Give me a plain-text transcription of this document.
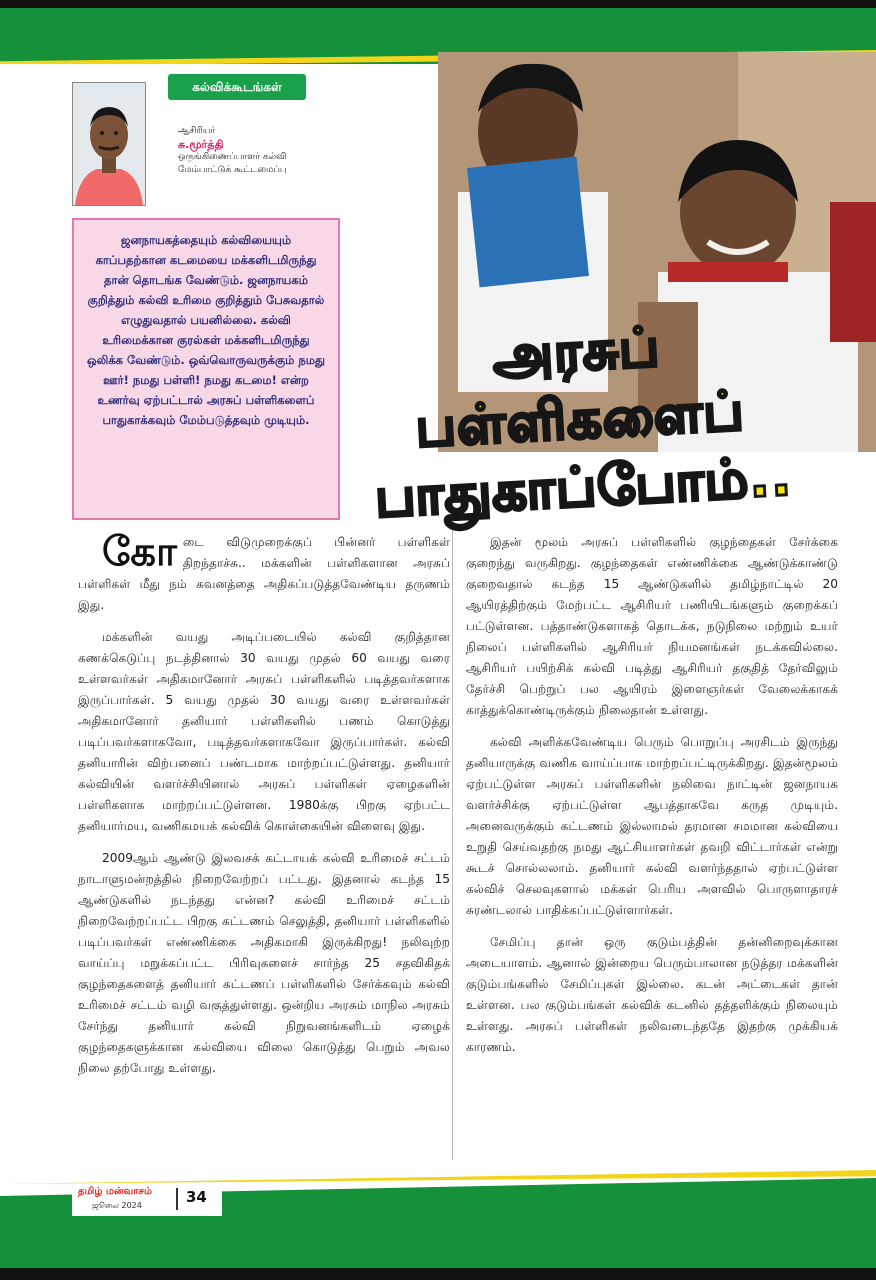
கல்விக்கூடங்கள்
ஆசிரியர்
சு.மூர்த்தி
ஒருங்கிணைப்பாளர் கல்வி மேம்பாட்டுக் கூட்டமைப்பு
ஜனநாயகத்தையும் கல்வியையும் காப்பதற்கான கடமையை மக்களிடமிருந்து தான் தொடங்க வேண்டும். ஜனநாயகம் குறித்தும் கல்வி உரிமை குறித்தும் பேசுவதால் எழுதுவதால் பயனில்லை. கல்வி உரிமைக்கான குரல்கள் மக்களிடமிருந்து ஒலிக்க வேண்டும். ஒவ்வொருவருக்கும் நமது ஊர்! நமது பள்ளி! நமது கடமை! என்ற உணர்வு ஏற்பட்டால் அரசுப் பள்ளிகளைப் பாதுகாக்கவும் மேம்படுத்தவும் முடியும்.
அரசுப் பள்ளிகளைப்
பாதுகாப்போம்..

கோடை விடுமுறைக்குப் பின்னர் பள்ளிகள் திறந்தாச்சு.. மக்களின் பள்ளிகளான அரசுப் பள்ளிகள் மீது நம் கவனத்தை அதிகப்படுத்தவேண்டிய தருணம் இது.

மக்களின் வயது அடிப்படையில் கல்வி குறித்தான கணக்கெடுப்பு நடத்தினால் 30 வயது முதல் 60 வயது வரை உள்ளவர்கள் அதிகமானோர் அரசுப் பள்ளிகளில் படித்தவர்களாக இருப்பார்கள். 5 வயது முதல் 30 வயது வரை உள்ளவர்கள் அதிகமானோர் தனியார் பள்ளிகளில் பணம் கொடுத்து படிப்பவர்களாகவோ, படித்தவர்களாகவோ இருப்பார்கள். கல்வி தனியாரின் விற்பனைப் பண்டமாக மாற்றப்பட்டுள்ளது. தனியார் கல்வியின் வளர்ச்சியினால் அரசுப் பள்ளிகள் ஏழைகளின் பள்ளிகளாக மாற்றப்பட்டுள்ளன. 1980க்கு பிறகு ஏற்பட்ட தனியார்மய, வணிகமயக் கல்விக் கொள்கையின் விளைவு இது.

2009ஆம் ஆண்டு இலவசக் கட்டாயக் கல்வி உரிமைச் சட்டம் நாடாளுமன்றத்தில் நிறைவேற்றப் பட்டது. இதனால் கடந்த 15 ஆண்டுகளில் நடந்தது என்ன? கல்வி உரிமைச் சட்டம் நிறைவேற்றப்பட்ட பிறகு கட்டணம் செலுத்தி, தனியார் பள்ளிகளில் படிப்பவர்கள் எண்ணிக்கை அதிகமாகி இருக்கிறது! நலிவுற்ற வாய்ப்பு மறுக்கப்பட்ட பிரிவுகளைச் சார்ந்த 25 சதவிகிதக் குழந்தைகளைத் தனியார் கட்டணப் பள்ளிகளில் சேர்க்கவும் கல்வி உரிமைச் சட்டம் வழி வகுத்துள்ளது. ஒன்றிய அரசும் மாநில அரசும் சேர்ந்து தனியார் கல்வி நிறுவனங்களிடம் ஏழைக் குழந்தைகளுக்கான கல்வியை விலை கொடுத்து பெறும் அவல நிலை தற்போது உள்ளது.

இதன் மூலம் அரசுப் பள்ளிகளில் குழந்தைகள் சேர்க்கை குறைந்து வருகிறது. குழந்தைகள் எண்ணிக்கை ஆண்டுக்காண்டு குறைவதால் கடந்த 15 ஆண்டுகளில் தமிழ்நாட்டில் 20 ஆயிரத்திற்கும் மேற்பட்ட ஆசிரியர் பணியிடங்களும் குறைக்கப் பட்டுள்ளன. பத்தாண்டுகளாகத் தொடக்க, நடுநிலை மற்றும் உயர் நிலைப் பள்ளிகளில் ஆசிரியர் நியமனங்கள் நடக்கவில்லை. ஆசிரியர் பயிற்சிக் கல்வி படித்து ஆசிரியர் தகுதித் தேர்விலும் தேர்ச்சி பெற்றுப் பல ஆயிரம் இளைஞர்கள் வேலைக்காகக் காத்துக்கொண்டிருக்கும் நிலைதான் உள்ளது.

கல்வி அளிக்கவேண்டிய பெரும் பொறுப்பு அரசிடம் இருந்து தனியாருக்கு வணிக வாய்ப்பாக மாற்றப்பட்டிருக்கிறது. இதன்மூலம் ஏற்பட்டுள்ள அரசுப் பள்ளிகளின் நலிவை நாட்டின் ஜனநாயக வளர்ச்சிக்கு ஏற்பட்டுள்ள ஆபத்தாகவே கருத முடியும். அனைவருக்கும் கட்டணம் இல்லாமல் தரமான சமமான கல்வியை உறுதி செய்வதற்கு நமது ஆட்சியாளர்கள் தவறி விட்டார்கள் என்று கூடச் சொல்லலாம். தனியார் கல்வி வளர்ந்ததால் ஏற்பட்டுள்ள கல்விச் செலவுகளால் மக்கள் பெரிய அளவில் பொருளாதாரச் சுரண்டலால் பாதிக்கப்பட்டுள்ளார்கள்.

சேமிப்பு தான் ஒரு குடும்பத்தின் தன்னிறைவுக்கான அடையாளம். ஆனால் இன்றைய பெரும்பாலான நடுத்தர மக்களின் குடும்பங்களில் சேமிப்புகள் இல்லை. கடன் அட்டைகள் தான் உள்ளன. பல குடும்பங்கள் கல்விக் கடனில் தத்தளிக்கும் நிலையும் உள்ளது. அரசுப் பள்ளிகள் நலிவடைந்ததே இதற்கு முக்கியக் காரணம்.

தமிழ் மன்வாசம்
ஜூலை 2024	34
